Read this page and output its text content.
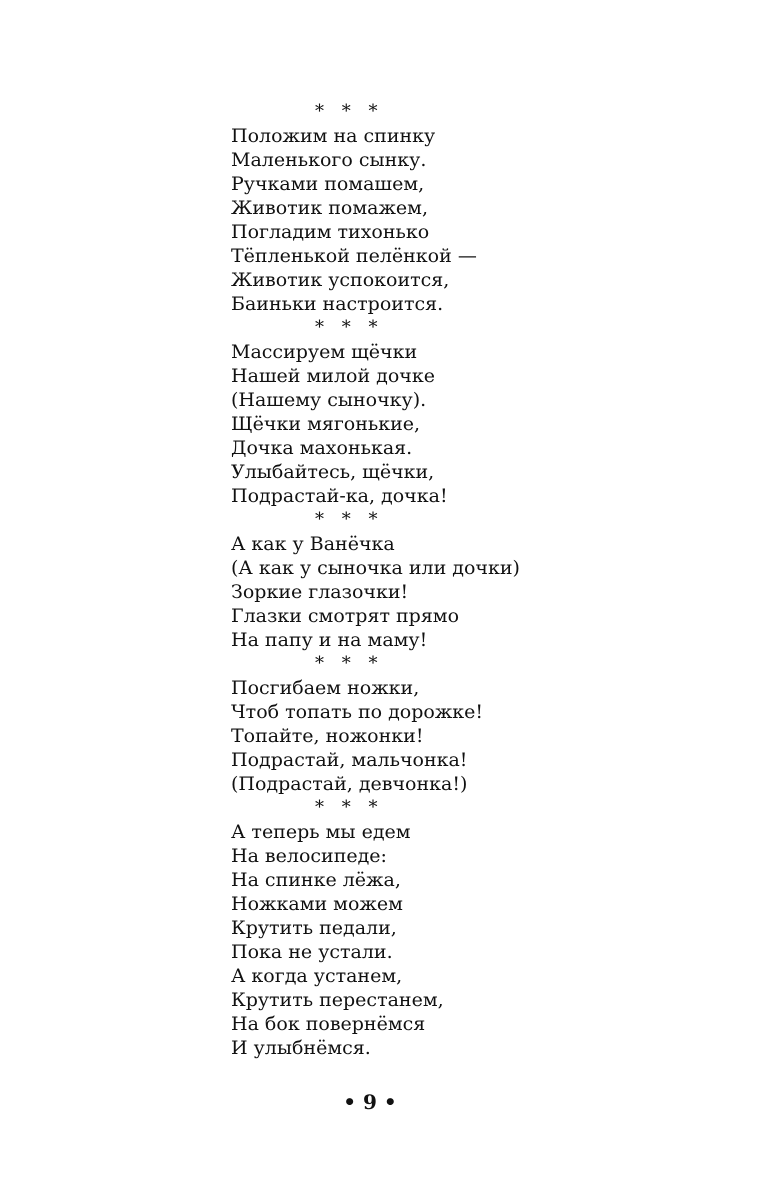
* * *
Положим на спинку
Маленького сынку.
Ручками помашем,
Животик помажем,
Погладим тихонько
Тёпленькой пелёнкой —
Животик успокоится,
Баиньки настроится.
* * *
Массируем щёчки
Нашей милой дочке
(Нашему сыночку).
Щёчки мягонькие,
Дочка махонькая.
Улыбайтесь, щёчки,
Подрастай-ка, дочка!
* * *
А как у Ванёчка
(А как у сыночка или дочки)
Зоркие глазочки!
Глазки смотрят прямо
На папу и на маму!
* * *
Посгибаем ножки,
Чтоб топать по дорожке!
Топайте, ножонки!
Подрастай, мальчонка!
(Подрастай, девчонка!)
* * *
А теперь мы едем
На велосипеде:
На спинке лёжа,
Ножками можем
Крутить педали,
Пока не устали.
А когда устанем,
Крутить перестанем,
На бок повернёмся
И улыбнёмся.
• 9 •
